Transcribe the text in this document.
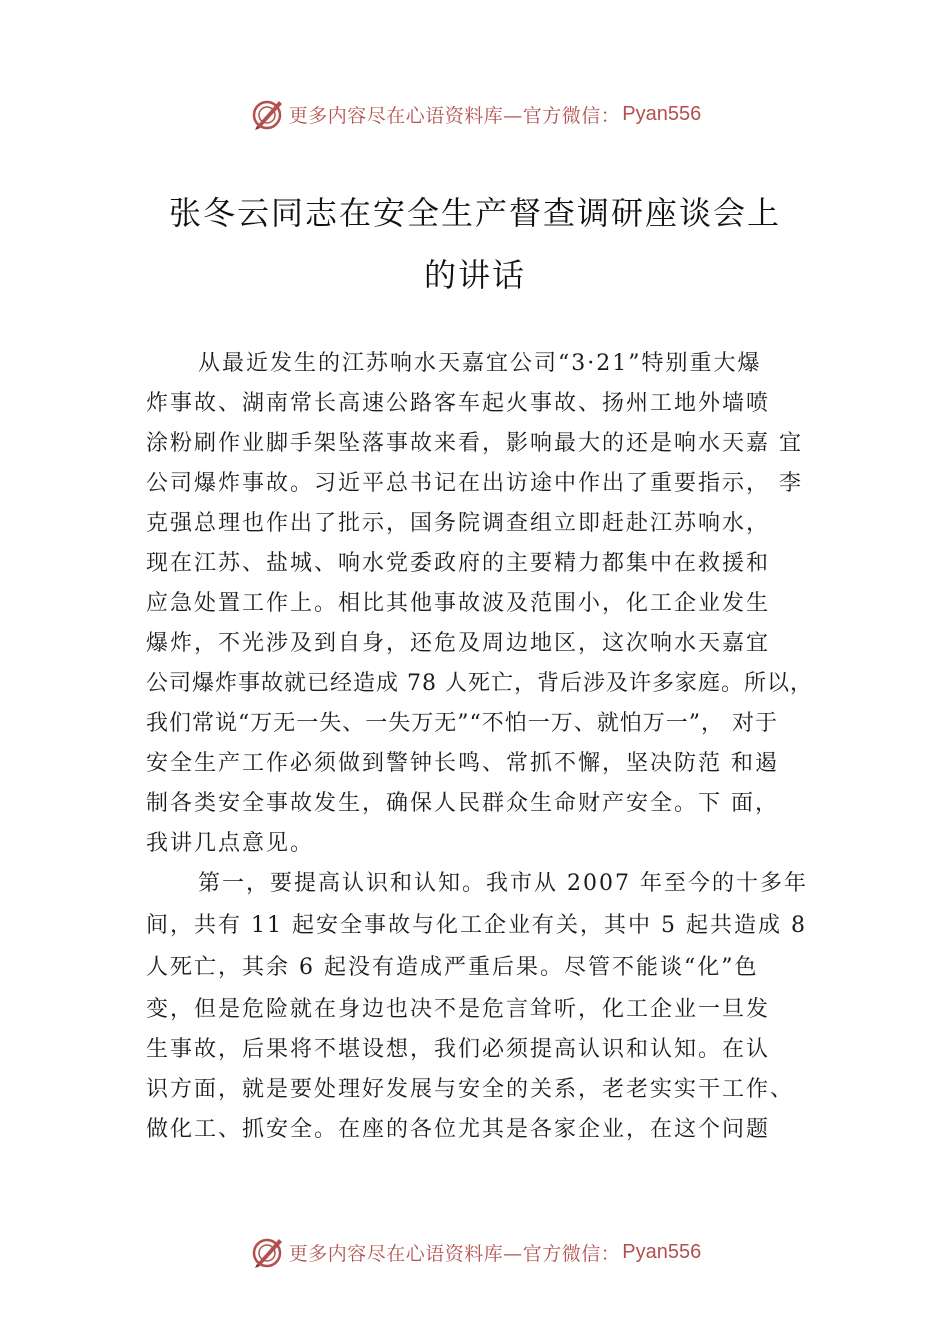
更多内容尽在心语资料库—官方微信： Pyan556
张冬云同志在安全生产督查调研座谈会上
的讲话
从最近发生的江苏响水天嘉宜公司“3·21”特别重大爆
炸事故、湖南常长高速公路客车起火事故、扬州工地外墙喷
涂粉刷作业脚手架坠落事故来看，影响最大的还是响水天嘉 宜
公司爆炸事故。习近平总书记在出访途中作出了重要指示， 李
克强总理也作出了批示，国务院调查组立即赶赴江苏响水，
现在江苏、盐城、响水党委政府的主要精力都集中在救援和
应急处置工作上。相比其他事故波及范围小，化工企业发生
爆炸，不光涉及到自身，还危及周边地区，这次响水天嘉宜
公司爆炸事故就已经造成 78 人死亡，背后涉及许多家庭。所以，
我们常说“万无一失、一失万无”“不怕一万、就怕万一”， 对于
安全生产工作必须做到警钟长鸣、常抓不懈，坚决防范 和遏
制各类安全事故发生，确保人民群众生命财产安全。下 面，
我讲几点意见。
第一，要提高认识和认知。我市从 2007 年至今的十多年
间，共有 11 起安全事故与化工企业有关，其中 5 起共造成 8
人死亡，其余 6 起没有造成严重后果。尽管不能谈“化”色
变，但是危险就在身边也决不是危言耸听，化工企业一旦发
生事故，后果将不堪设想，我们必须提高认识和认知。在认
识方面，就是要处理好发展与安全的关系，老老实实干工作、
做化工、抓安全。在座的各位尤其是各家企业，在这个问题
更多内容尽在心语资料库—官方微信： Pyan556
